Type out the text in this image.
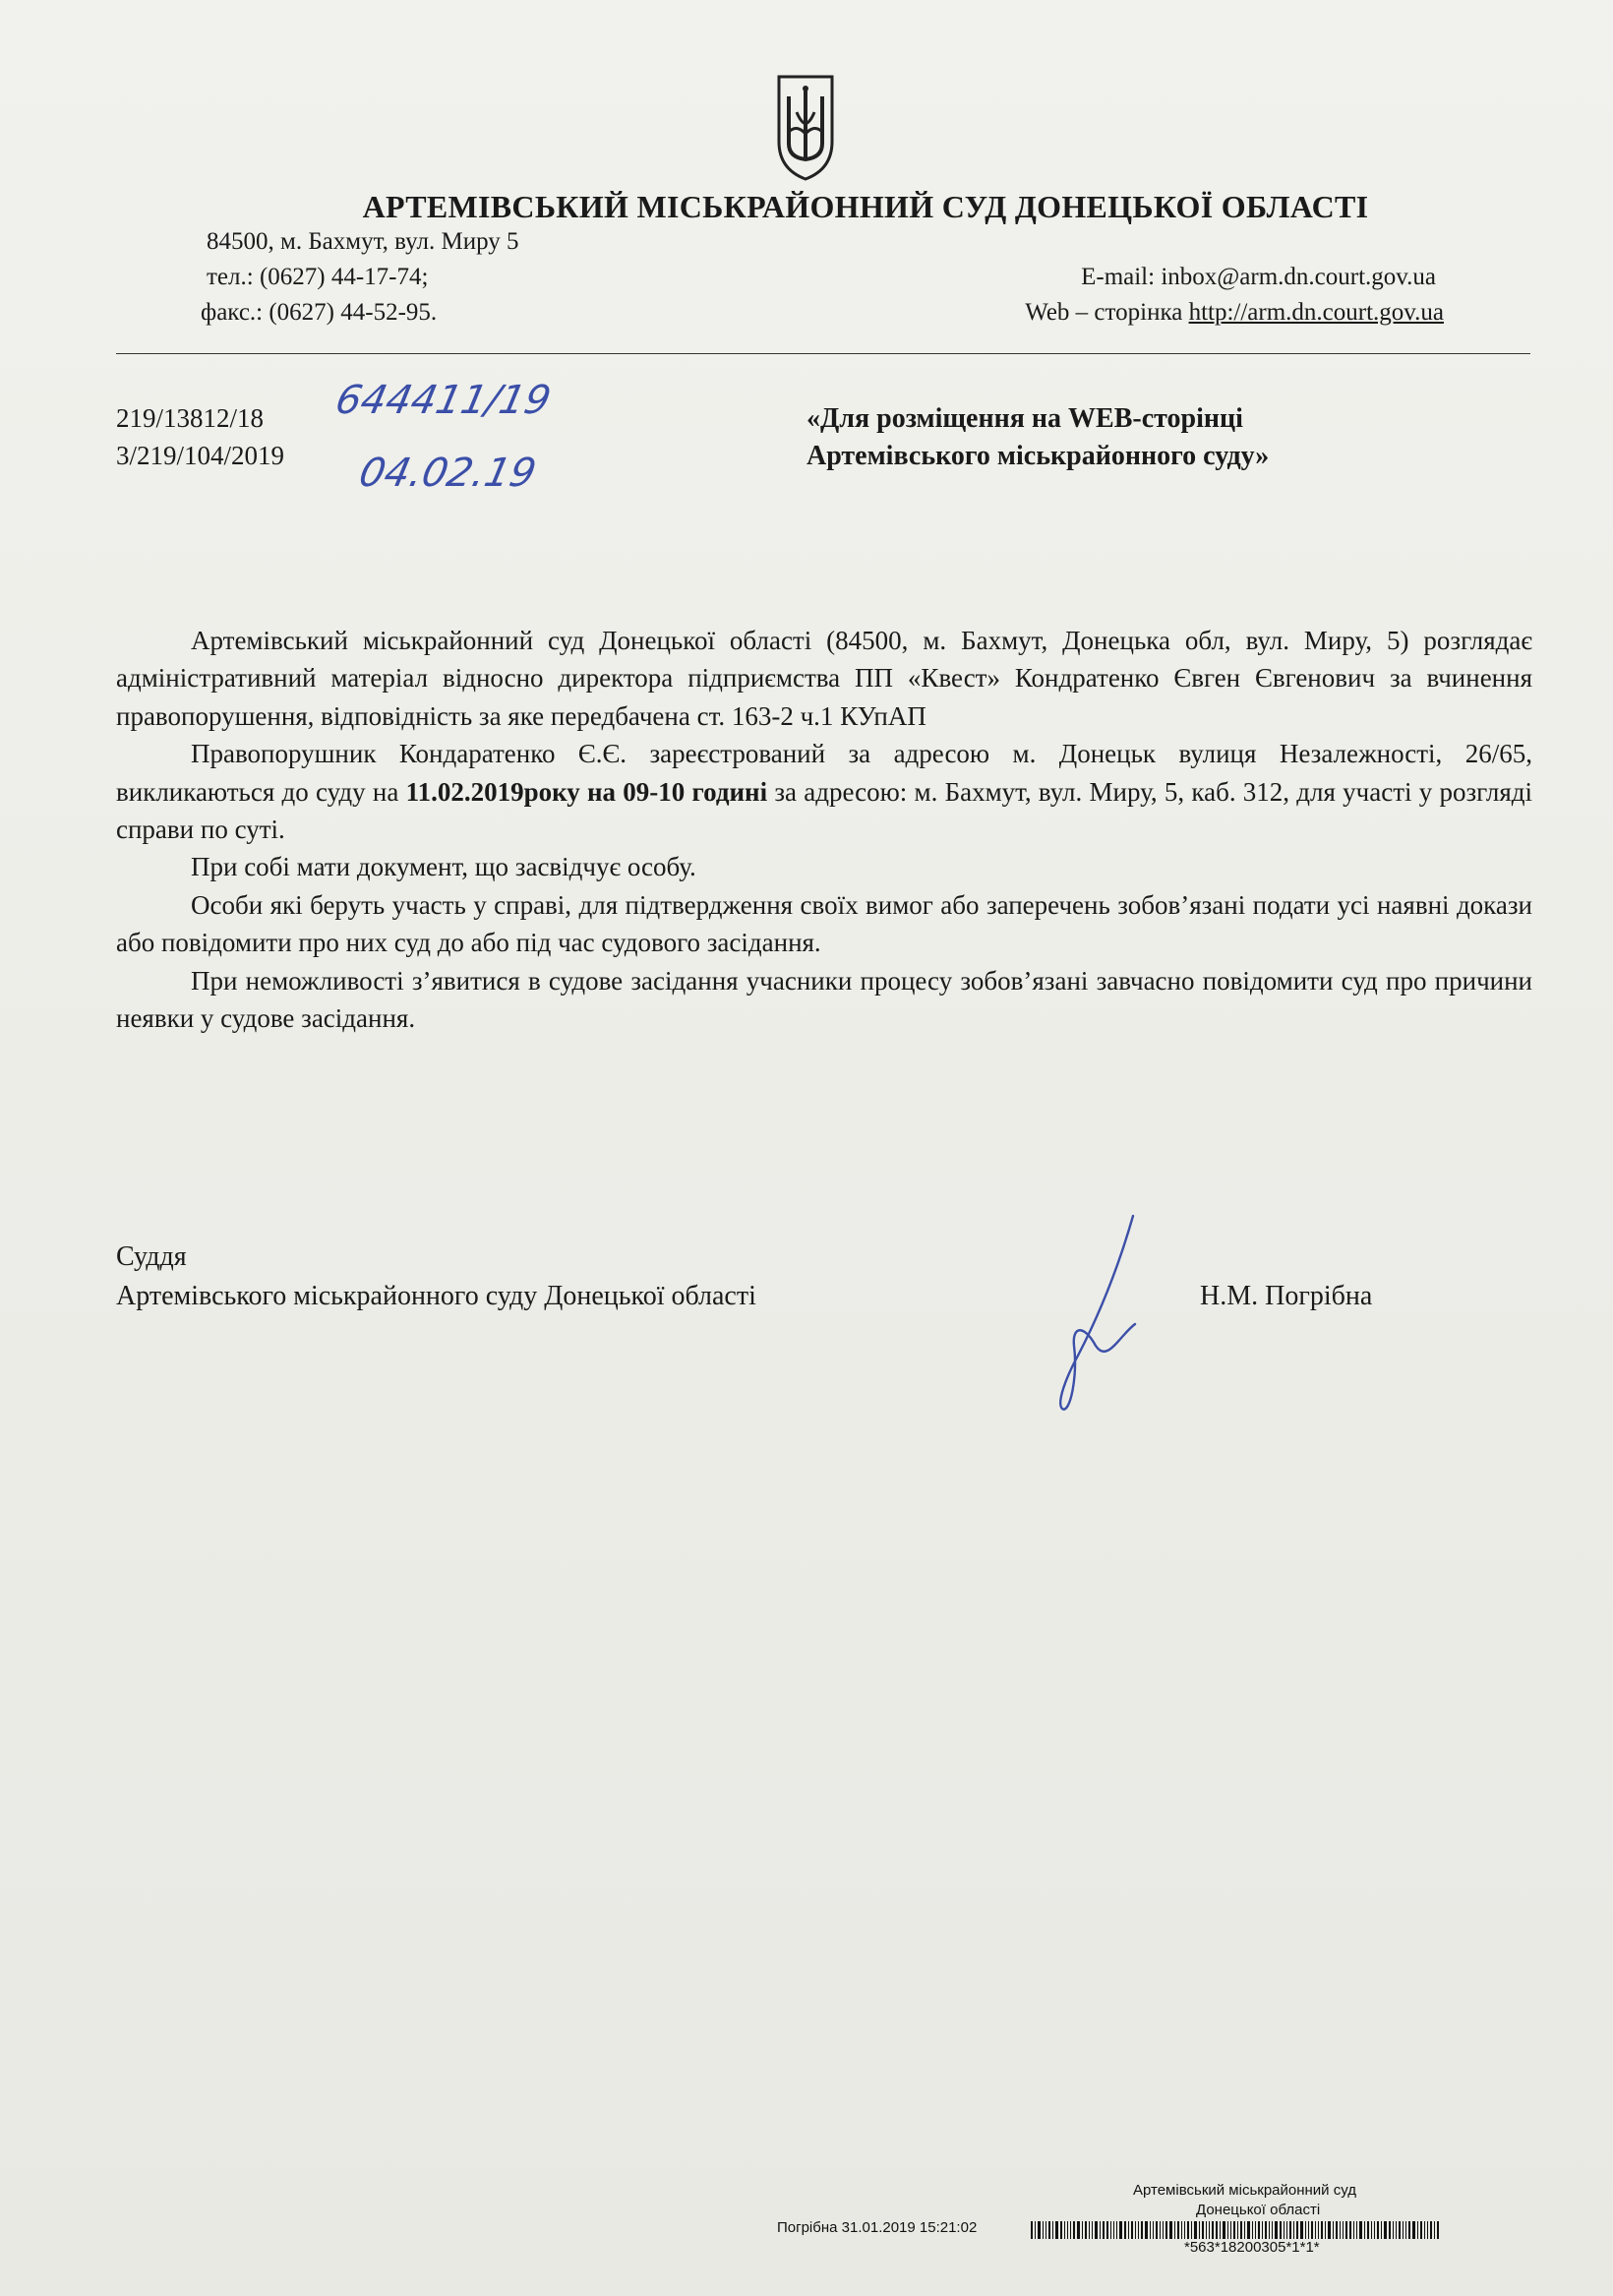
АРТЕМІВСЬКИЙ МІСЬКРАЙОННИЙ СУД ДОНЕЦЬКОЇ ОБЛАСТІ
84500, м. Бахмут, вул. Миру 5
тел.: (0627) 44-17-74;
факс.: (0627) 44-52-95.
E-mail: inbox@arm.dn.court.gov.ua
Web – сторінка http://arm.dn.court.gov.ua
219/13812/18
3/219/104/2019
644411/19
04.02.19
«Для розміщення на WEB-сторінці
Артемівського міськрайонного суду»

Артемівський міськрайонний суд Донецької області (84500, м. Бахмут, Донецька обл, вул. Миру, 5) розглядає адміністративний матеріал відносно директора підприємства ПП «Квест» Кондратенко Євген Євгенович за вчинення правопорушення, відповідність за яке передбачена ст. 163-2 ч.1 КУпАП

Правопорушник Кондаратенко Є.Є. зареєстрований за адресою м. Донецьк вулиця Незалежності, 26/65, викликаються до суду на 11.02.2019року на 09-10 годині за адресою: м. Бахмут, вул. Миру, 5, каб. 312, для участі у розгляді справи по суті.

При собі мати документ, що засвідчує особу.

Особи які беруть участь у справі, для підтвердження своїх вимог або заперечень зобов’язані подати усі наявні докази або повідомити про них суд до або під час судового засідання.

При неможливості з’явитися в судове засідання учасники процесу зобов’язані завчасно повідомити суд про причини неявки у судове засідання.

Суддя
Артемівського міськрайонного суду Донецької області	Н.М. Погрібна
Артемівський міськрайонний суд
Донецької області
Погрібна 31.01.2019 15:21:02
*563*18200305*1*1*
